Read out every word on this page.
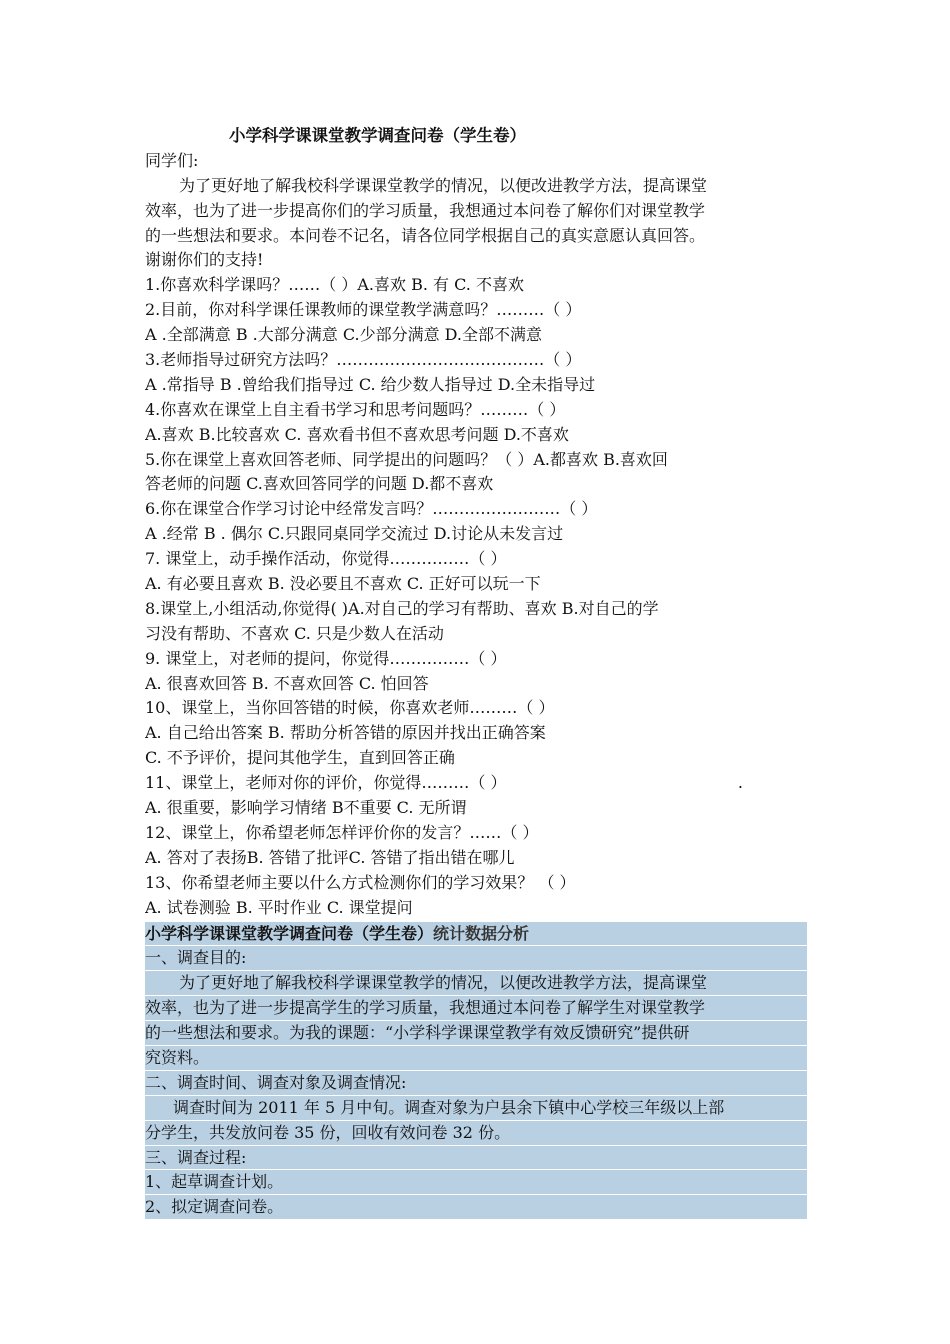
小学科学课课堂教学调查问卷（学生卷）
同学们:
为了更好地了解我校科学课课堂教学的情况，以便改进教学方法，提高课堂
效率，也为了进一步提高你们的学习质量，我想通过本问卷了解你们对课堂教学
的一些想法和要求。本问卷不记名，请各位同学根据自己的真实意愿认真回答。
谢谢你们的支持!
1.你喜欢科学课吗？……（ ）A.喜欢 B. 有 C. 不喜欢
2.目前，你对科学课任课教师的课堂教学满意吗？………（ ）
A .全部满意 B .大部分满意 C.少部分满意 D.全部不满意
3.老师指导过研究方法吗？…………………………………（ ）
A .常指导 B .曾给我们指导过 C. 给少数人指导过 D.全未指导过
4.你喜欢在课堂上自主看书学习和思考问题吗？………（ ）
A.喜欢 B.比较喜欢 C. 喜欢看书但不喜欢思考问题 D.不喜欢
5.你在课堂上喜欢回答老师、同学提出的问题吗？（ ）A.都喜欢 B.喜欢回
答老师的问题 C.喜欢回答同学的问题 D.都不喜欢
6.你在课堂合作学习讨论中经常发言吗？……………………（ ）
A .经常 B . 偶尔 C.只跟同桌同学交流过 D.讨论从未发言过
7. 课堂上，动手操作活动，你觉得……………（ ）
A. 有必要且喜欢 B. 没必要且不喜欢 C. 正好可以玩一下
8.课堂上,小组活动,你觉得( )A.对自己的学习有帮助、喜欢 B.对自己的学
习没有帮助、不喜欢 C. 只是少数人在活动
9. 课堂上，对老师的提问，你觉得……………（ ）
A. 很喜欢回答 B. 不喜欢回答 C. 怕回答
10、课堂上，当你回答错的时候，你喜欢老师………（ ）
A. 自己给出答案 B. 帮助分析答错的原因并找出正确答案
C. 不予评价，提问其他学生，直到回答正确
11、课堂上，老师对你的评价，你觉得………（ ）	.
A. 很重要，影响学习情绪 B不重要 C. 无所谓
12、课堂上，你希望老师怎样评价你的发言？……（ ）
A. 答对了表扬B. 答错了批评C. 答错了指出错在哪儿
13、你希望老师主要以什么方式检测你们的学习效果？ （ ）
A. 试卷测验 B. 平时作业 C. 课堂提问
小学科学课课堂教学调查问卷（学生卷）统计数据分析
一、调查目的:
为了更好地了解我校科学课课堂教学的情况，以便改进教学方法，提高课堂
效率，也为了进一步提高学生的学习质量，我想通过本问卷了解学生对课堂教学
的一些想法和要求。为我的课题：“小学科学课课堂教学有效反馈研究”提供研
究资料。
二、调查时间、调查对象及调查情况:
调查时间为 2011 年 5 月中旬。调查对象为户县余下镇中心学校三年级以上部
分学生，共发放问卷 35 份，回收有效问卷 32 份。
三、调查过程:
1、起草调查计划。
2、拟定调查问卷。
